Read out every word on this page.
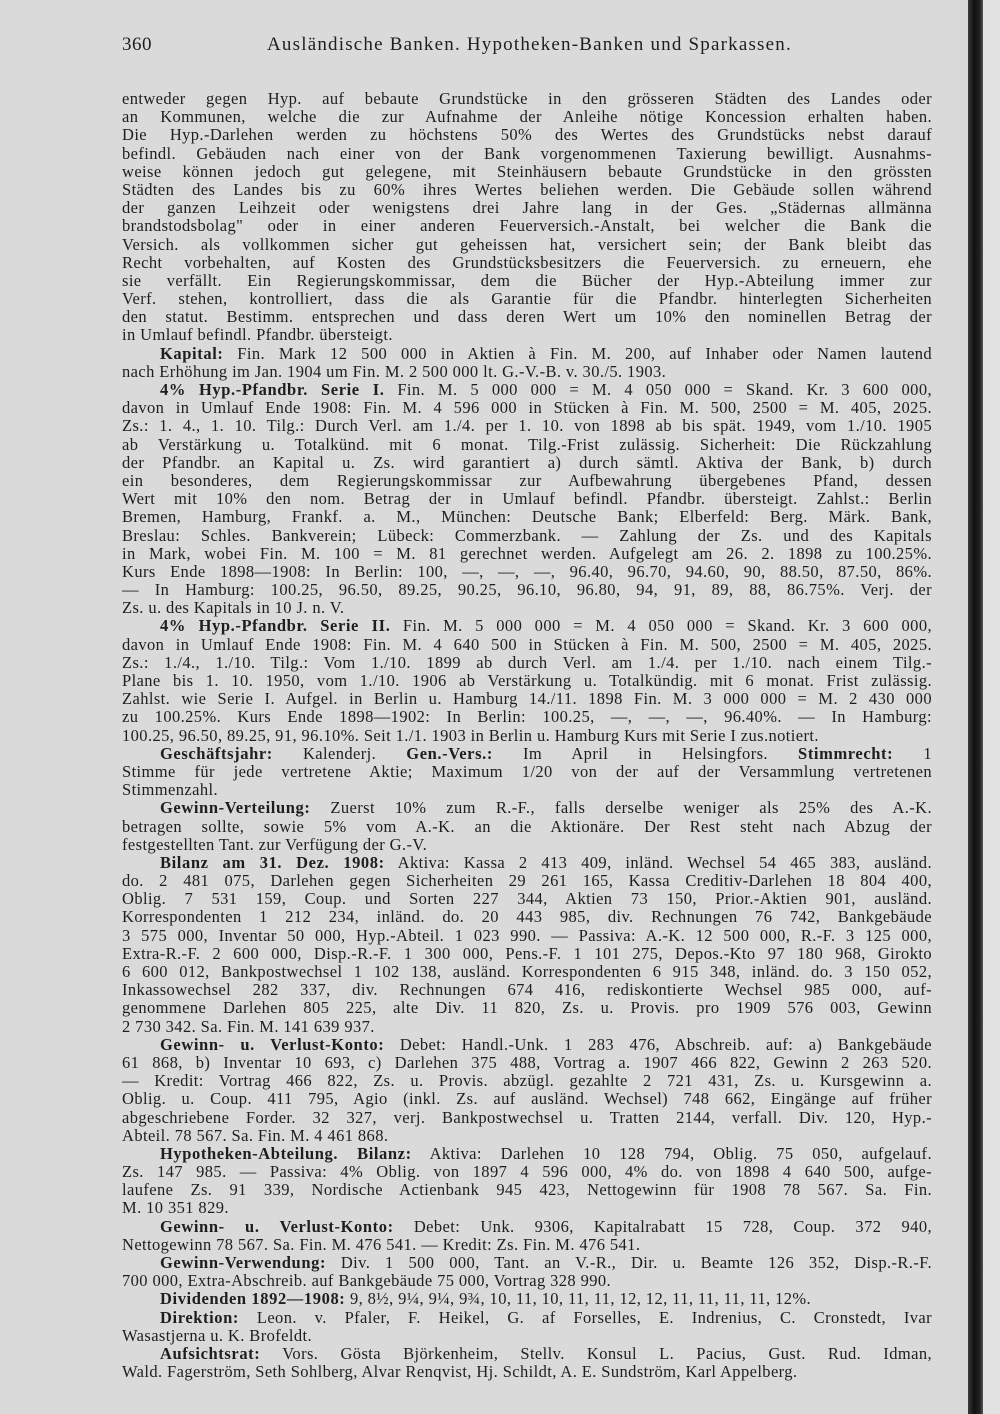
360	Ausländische Banken. Hypotheken-Banken und Sparkassen.
entweder gegen Hyp. auf bebaute Grundstücke in den grösseren Städten des Landes oder
an Kommunen, welche die zur Aufnahme der Anleihe nötige Koncession erhalten haben.
Die Hyp.-Darlehen werden zu höchstens 50% des Wertes des Grundstücks nebst darauf
befindl. Gebäuden nach einer von der Bank vorgenommenen Taxierung bewilligt. Ausnahms-
weise können jedoch gut gelegene, mit Steinhäusern bebaute Grundstücke in den grössten
Städten des Landes bis zu 60% ihres Wertes beliehen werden. Die Gebäude sollen während
der ganzen Leihzeit oder wenigstens drei Jahre lang in der Ges. „Städernas allmänna
brandstodsbolag" oder in einer anderen Feuerversich.-Anstalt, bei welcher die Bank die
Versich. als vollkommen sicher gut geheissen hat, versichert sein; der Bank bleibt das
Recht vorbehalten, auf Kosten des Grundstücksbesitzers die Feuerversich. zu erneuern, ehe
sie verfällt. Ein Regierungskommissar, dem die Bücher der Hyp.-Abteilung immer zur
Verf. stehen, kontrolliert, dass die als Garantie für die Pfandbr. hinterlegten Sicherheiten
den statut. Bestimm. entsprechen und dass deren Wert um 10% den nominellen Betrag der
in Umlauf befindl. Pfandbr. übersteigt.
Kapital: Fin. Mark 12 500 000 in Aktien à Fin. M. 200, auf Inhaber oder Namen lautend
nach Erhöhung im Jan. 1904 um Fin. M. 2 500 000 lt. G.-V.-B. v. 30./5. 1903.
4% Hyp.-Pfandbr. Serie I. Fin. M. 5 000 000 = M. 4 050 000 = Skand. Kr. 3 600 000,
davon in Umlauf Ende 1908: Fin. M. 4 596 000 in Stücken à Fin. M. 500, 2500 = M. 405, 2025.
Zs.: 1. 4., 1. 10. Tilg.: Durch Verl. am 1./4. per 1. 10. von 1898 ab bis spät. 1949, vom 1./10. 1905
ab Verstärkung u. Totalkünd. mit 6 monat. Tilg.-Frist zulässig. Sicherheit: Die Rückzahlung
der Pfandbr. an Kapital u. Zs. wird garantiert a) durch sämtl. Aktiva der Bank, b) durch
ein besonderes, dem Regierungskommissar zur Aufbewahrung übergebenes Pfand, dessen
Wert mit 10% den nom. Betrag der in Umlauf befindl. Pfandbr. übersteigt. Zahlst.: Berlin
Bremen, Hamburg, Frankf. a. M., München: Deutsche Bank; Elberfeld: Berg. Märk. Bank,
Breslau: Schles. Bankverein; Lübeck: Commerzbank. — Zahlung der Zs. und des Kapitals
in Mark, wobei Fin. M. 100 = M. 81 gerechnet werden. Aufgelegt am 26. 2. 1898 zu 100.25%.
Kurs Ende 1898—1908: In Berlin: 100, —, —, —, 96.40, 96.70, 94.60, 90, 88.50, 87.50, 86%.
— In Hamburg: 100.25, 96.50, 89.25, 90.25, 96.10, 96.80, 94, 91, 89, 88, 86.75%. Verj. der
Zs. u. des Kapitals in 10 J. n. V.
4% Hyp.-Pfandbr. Serie II. Fin. M. 5 000 000 = M. 4 050 000 = Skand. Kr. 3 600 000,
davon in Umlauf Ende 1908: Fin. M. 4 640 500 in Stücken à Fin. M. 500, 2500 = M. 405, 2025.
Zs.: 1./4., 1./10. Tilg.: Vom 1./10. 1899 ab durch Verl. am 1./4. per 1./10. nach einem Tilg.-
Plane bis 1. 10. 1950, vom 1./10. 1906 ab Verstärkung u. Totalkündig. mit 6 monat. Frist zulässig.
Zahlst. wie Serie I. Aufgel. in Berlin u. Hamburg 14./11. 1898 Fin. M. 3 000 000 = M. 2 430 000
zu 100.25%. Kurs Ende 1898—1902: In Berlin: 100.25, —, —, —, 96.40%. — In Hamburg:
100.25, 96.50, 89.25, 91, 96.10%. Seit 1./1. 1903 in Berlin u. Hamburg Kurs mit Serie I zus.notiert.
Geschäftsjahr: Kalenderj. Gen.-Vers.: Im April in Helsingfors. Stimmrecht: 1
Stimme für jede vertretene Aktie; Maximum 1/20 von der auf der Versammlung vertretenen
Stimmenzahl.
Gewinn-Verteilung: Zuerst 10% zum R.-F., falls derselbe weniger als 25% des A.-K.
betragen sollte, sowie 5% vom A.-K. an die Aktionäre. Der Rest steht nach Abzug der
festgestellten Tant. zur Verfügung der G.-V.
Bilanz am 31. Dez. 1908: Aktiva: Kassa 2 413 409, inländ. Wechsel 54 465 383, ausländ.
do. 2 481 075, Darlehen gegen Sicherheiten 29 261 165, Kassa Creditiv-Darlehen 18 804 400,
Oblig. 7 531 159, Coup. und Sorten 227 344, Aktien 73 150, Prior.-Aktien 901, ausländ.
Korrespondenten 1 212 234, inländ. do. 20 443 985, div. Rechnungen 76 742, Bankgebäude
3 575 000, Inventar 50 000, Hyp.-Abteil. 1 023 990. — Passiva: A.-K. 12 500 000, R.-F. 3 125 000,
Extra-R.-F. 2 600 000, Disp.-R.-F. 1 300 000, Pens.-F. 1 101 275, Depos.-Kto 97 180 968, Girokto
6 600 012, Bankpostwechsel 1 102 138, ausländ. Korrespondenten 6 915 348, inländ. do. 3 150 052,
Inkassowechsel 282 337, div. Rechnungen 674 416, rediskontierte Wechsel 985 000, auf-
genommene Darlehen 805 225, alte Div. 11 820, Zs. u. Provis. pro 1909 576 003, Gewinn
2 730 342. Sa. Fin. M. 141 639 937.
Gewinn- u. Verlust-Konto: Debet: Handl.-Unk. 1 283 476, Abschreib. auf: a) Bankgebäude
61 868, b) Inventar 10 693, c) Darlehen 375 488, Vortrag a. 1907 466 822, Gewinn 2 263 520.
— Kredit: Vortrag 466 822, Zs. u. Provis. abzügl. gezahlte 2 721 431, Zs. u. Kursgewinn a.
Oblig. u. Coup. 411 795, Agio (inkl. Zs. auf ausländ. Wechsel) 748 662, Eingänge auf früher
abgeschriebene Forder. 32 327, verj. Bankpostwechsel u. Tratten 2144, verfall. Div. 120, Hyp.-
Abteil. 78 567. Sa. Fin. M. 4 461 868.
Hypotheken-Abteilung. Bilanz: Aktiva: Darlehen 10 128 794, Oblig. 75 050, aufgelauf.
Zs. 147 985. — Passiva: 4% Oblig. von 1897 4 596 000, 4% do. von 1898 4 640 500, aufge-
laufene Zs. 91 339, Nordische Actienbank 945 423, Nettogewinn für 1908 78 567. Sa. Fin.
M. 10 351 829.
Gewinn- u. Verlust-Konto: Debet: Unk. 9306, Kapitalrabatt 15 728, Coup. 372 940,
Nettogewinn 78 567. Sa. Fin. M. 476 541. — Kredit: Zs. Fin. M. 476 541.
Gewinn-Verwendung: Div. 1 500 000, Tant. an V.-R., Dir. u. Beamte 126 352, Disp.-R.-F.
700 000, Extra-Abschreib. auf Bankgebäude 75 000, Vortrag 328 990.
Dividenden 1892—1908: 9, 8½, 9¼, 9¼, 9¾, 10, 11, 10, 11, 11, 12, 12, 11, 11, 11, 11, 12%.
Direktion: Leon. v. Pfaler, F. Heikel, G. af Forselles, E. Indrenius, C. Cronstedt, Ivar
Wasastjerna u. K. Brofeldt.
Aufsichtsrat: Vors. Gösta Björkenheim, Stellv. Konsul L. Pacius, Gust. Rud. Idman,
Wald. Fagerström, Seth Sohlberg, Alvar Renqvist, Hj. Schildt, A. E. Sundström, Karl Appelberg.
